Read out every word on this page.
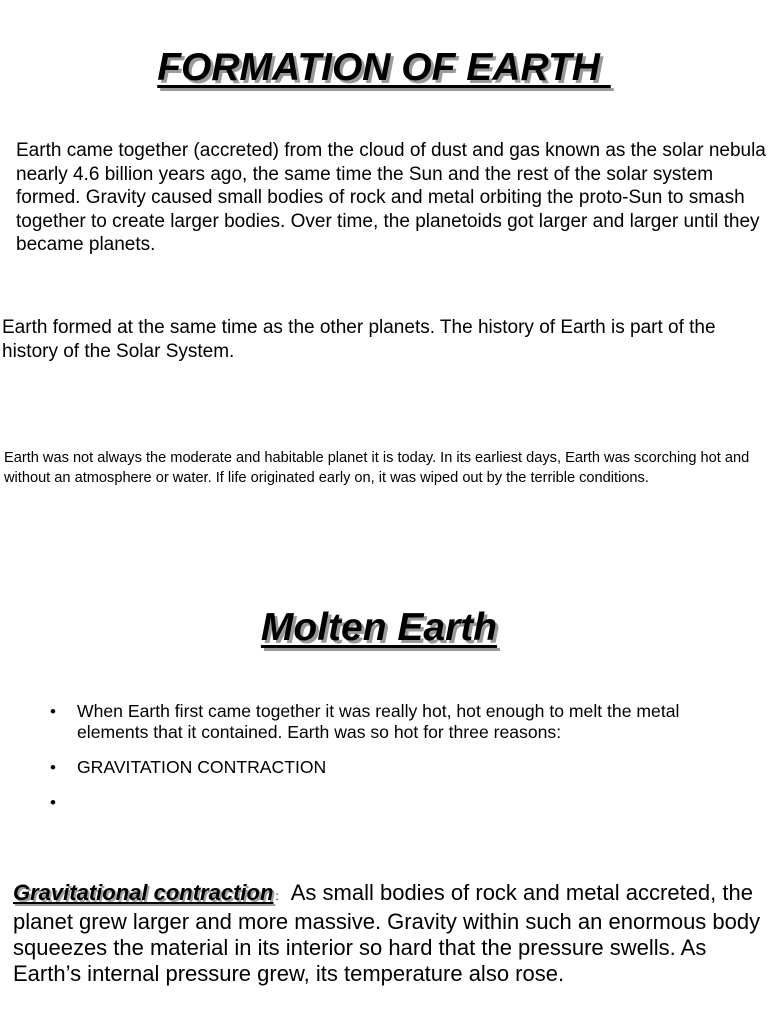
FORMATION OF EARTH
Earth came together (accreted) from the cloud of dust and gas known as the solar nebula nearly 4.6 billion years ago, the same time the Sun and the rest of the solar system formed. Gravity caused small bodies of rock and metal orbiting the proto-Sun to smash together to create larger bodies. Over time, the planetoids got larger and larger until they became planets.
Earth formed at the same time as the other planets. The history of Earth is part of the history of the Solar System.
Earth was not always the moderate and habitable planet it is today. In its earliest days, Earth was scorching hot and without an atmosphere or water. If life originated early on, it was wiped out by the terrible conditions.
Molten Earth
• When Earth first came together it was really hot, hot enough to melt the metal elements that it contained. Earth was so hot for three reasons:
• GRAVITATION CONTRACTION
•
Gravitational contraction : As small bodies of rock and metal accreted, the planet grew larger and more massive. Gravity within such an enormous body squeezes the material in its interior so hard that the pressure swells. As Earth’s internal pressure grew, its temperature also rose.
